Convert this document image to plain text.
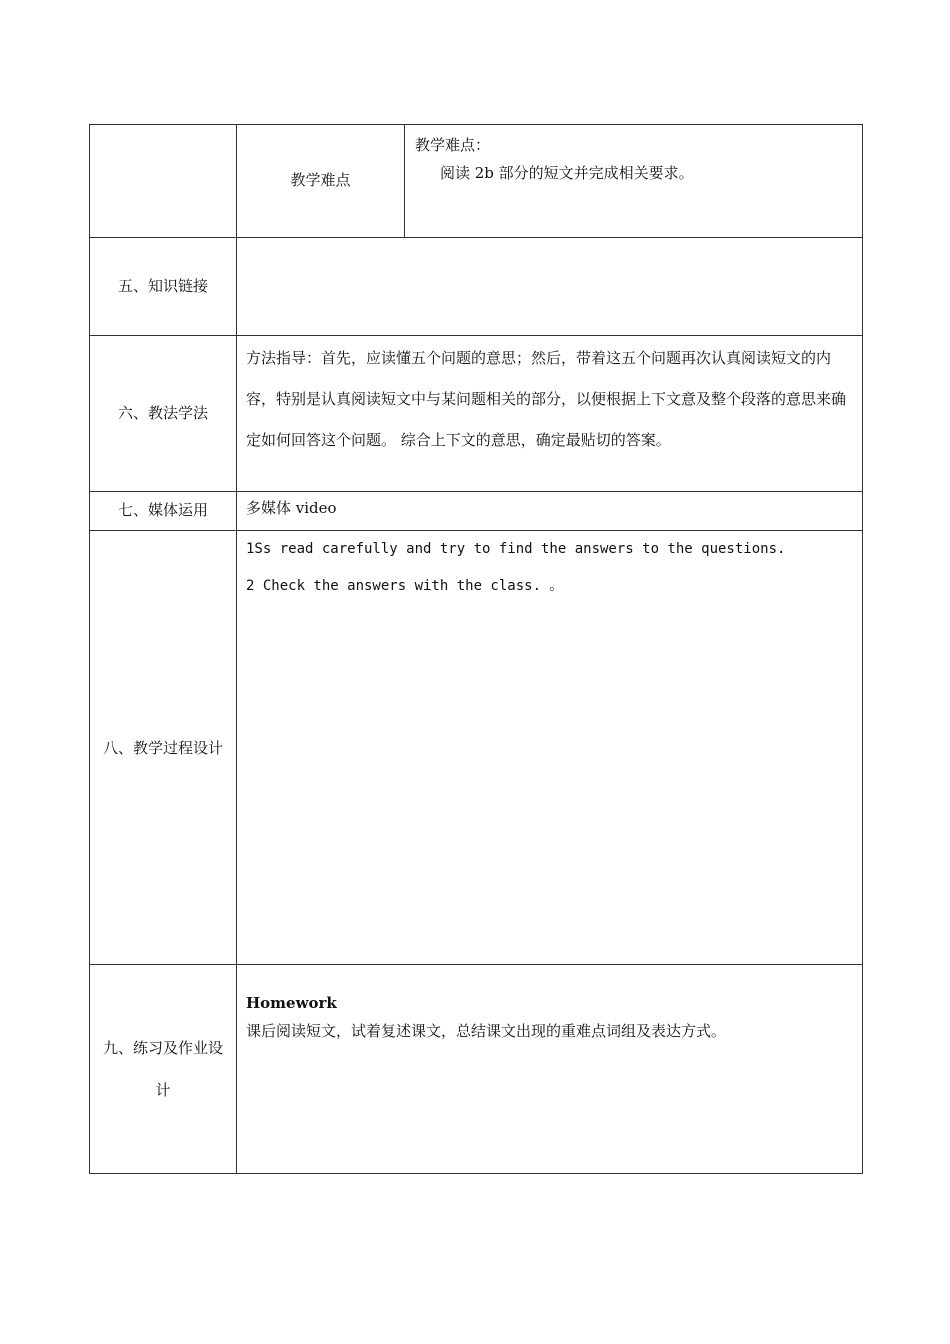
	教学难点	教学难点：

阅读 2b 部分的短文并完成相关要求。

五、知识链接		

六、教法学法	方法指导：首先，应读懂五个问题的意思；然后，带着这五个问题再次认真阅读短文的内容，特别是认真阅读短文中与某问题相关的部分，以便根据上下文意及整个段落的意思来确定如何回答这个问题。 综合上下文的意思，确定最贴切的答案。	

七、媒体运用	多媒体 video	

八、教学过程设计	1Ss read carefully and try to find the answers to the questions.

2 Check the answers with the class. 。	

九、练习及作业设计	Homework

课后阅读短文，试着复述课文，总结课文出现的重难点词组及表达方式。	
